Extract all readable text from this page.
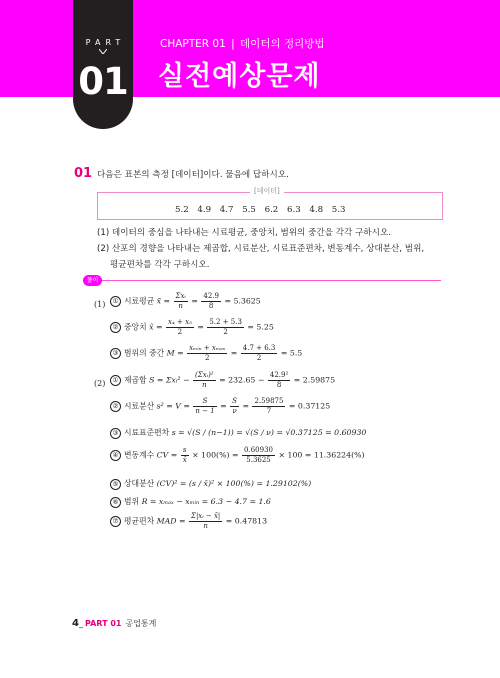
PART
01
CHAPTER 01 | 데이터의 정리방법
실전예상문제
01 다음은 표본의 측정 [데이터]이다. 물음에 답하시오.
[데이터]
5.2 4.9 4.7 5.5 6.2 6.3 4.8 5.3
(1) 데이터의 중심을 나타내는 시료평균, 중앙치, 범위의 중간을 각각 구하시오.
(2) 산포의 경향을 나타내는 제곱합, 시료분산, 시료표준편차, 변동계수, 상대분산, 범위,
평균편차를 각각 구하시오.
풀이
(1)	① 시료평균 x̄ = $\frac{\text{Σxᵢ}}{n} = \frac{42.9}{8} = 5.3625$
② 중앙치 x̃ = $\frac{\text{x₄ + x₅}}{2} = \frac{5.2 + 5.3}{2} = 5.25$
③ 범위의 중간 $M = \frac{\text{xₘᵢₙ + xₘₐₓ}}{2} = \frac{4.7 + 6.3}{2} = 5.5$
(2)	① 제곱합 S = Σxᵢ² − $\frac{\text{(Σxᵢ)²}}{n} = 232.65 - \frac{\text{42.9²}}{8} = 2.59875$
② 시료분산 $s^2 = V = \frac{S}{n - 1} = \frac{S}{\nu} = \frac{2.59875}{7} = 0.37125$
③ 시료표준편차 s = √(S / (n−1)) = √(S / ν) = √0.37125 = 0.60930
④ 변동계수 CV = $\frac{s}{x̄} \times 100(\%) = \frac{0.60930}{5.3625} \times 100 = 11.36224(\%)$
⑤ 상대분산 (CV)² = (s / x̄)² × 100(%) = 1.29102(%)
⑥ 범위 R = xₘₐₓ − xₘᵢₙ = 6.3 − 4.7 = 1.6
⑦ 평균편차 MAD = $\frac{\text{Σ|xᵢ − x̄|}}{n} = 0.47813$
4_ PART 01 공업통계
